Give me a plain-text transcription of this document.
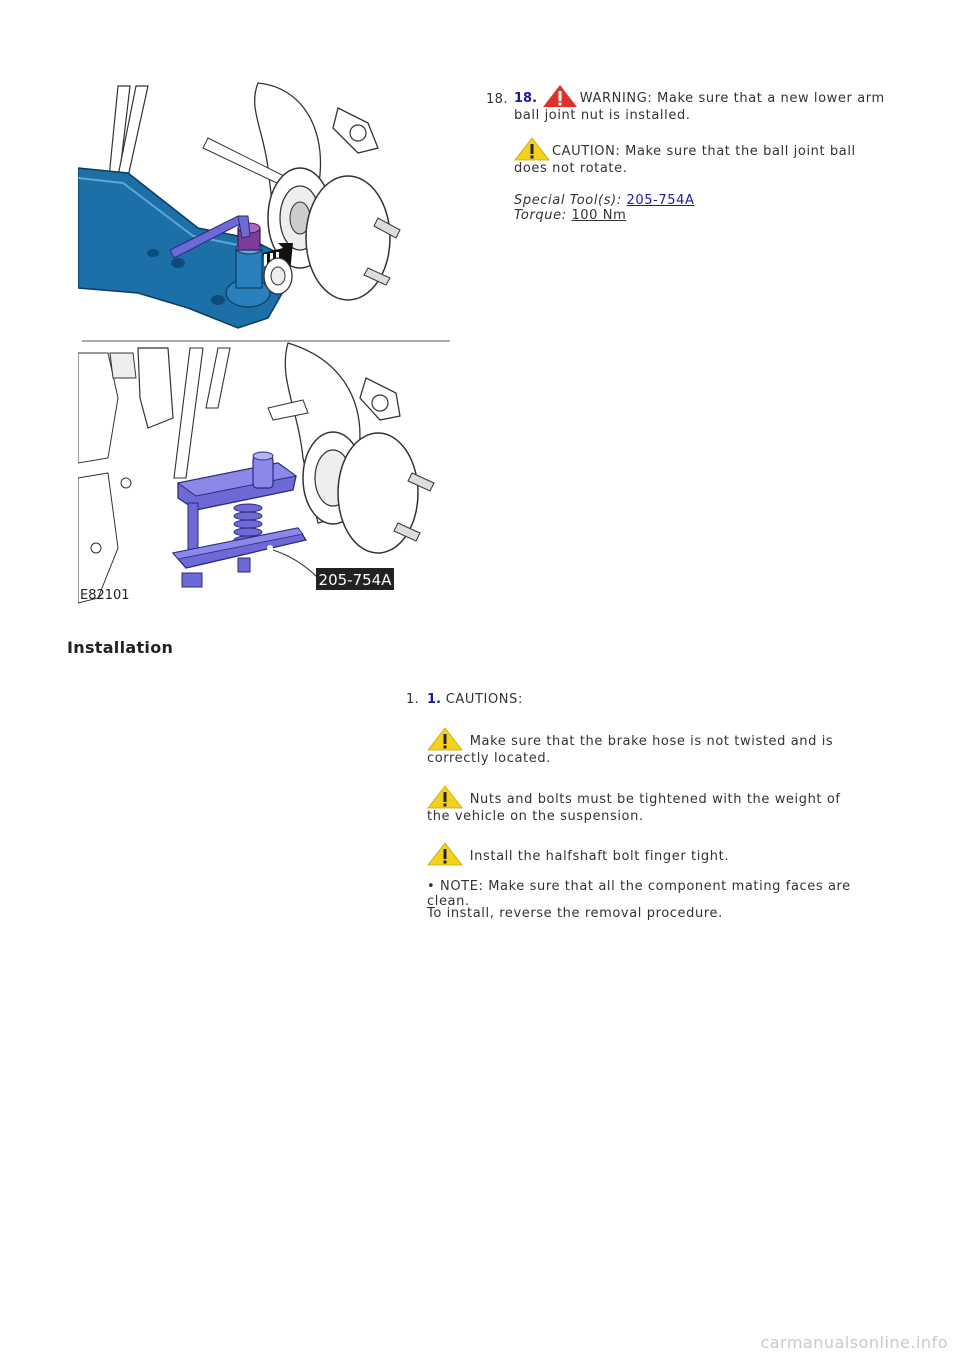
205-754A
E82101
18. 18.	WARNING: Make sure that a new lower arm ball joint nut is installed.
CAUTION: Make sure that the ball joint ball does not rotate.
Special Tool(s): 205-754A
Torque: 100 Nm
Installation
1. 1. CAUTIONS:
Make sure that the brake hose is not twisted and is correctly located.
Nuts and bolts must be tightened with the weight of the vehicle on the suspension.
Install the halfshaft bolt finger tight.
• NOTE: Make sure that all the component mating faces are clean.
To install, reverse the removal procedure.
carmanualsonline.info
